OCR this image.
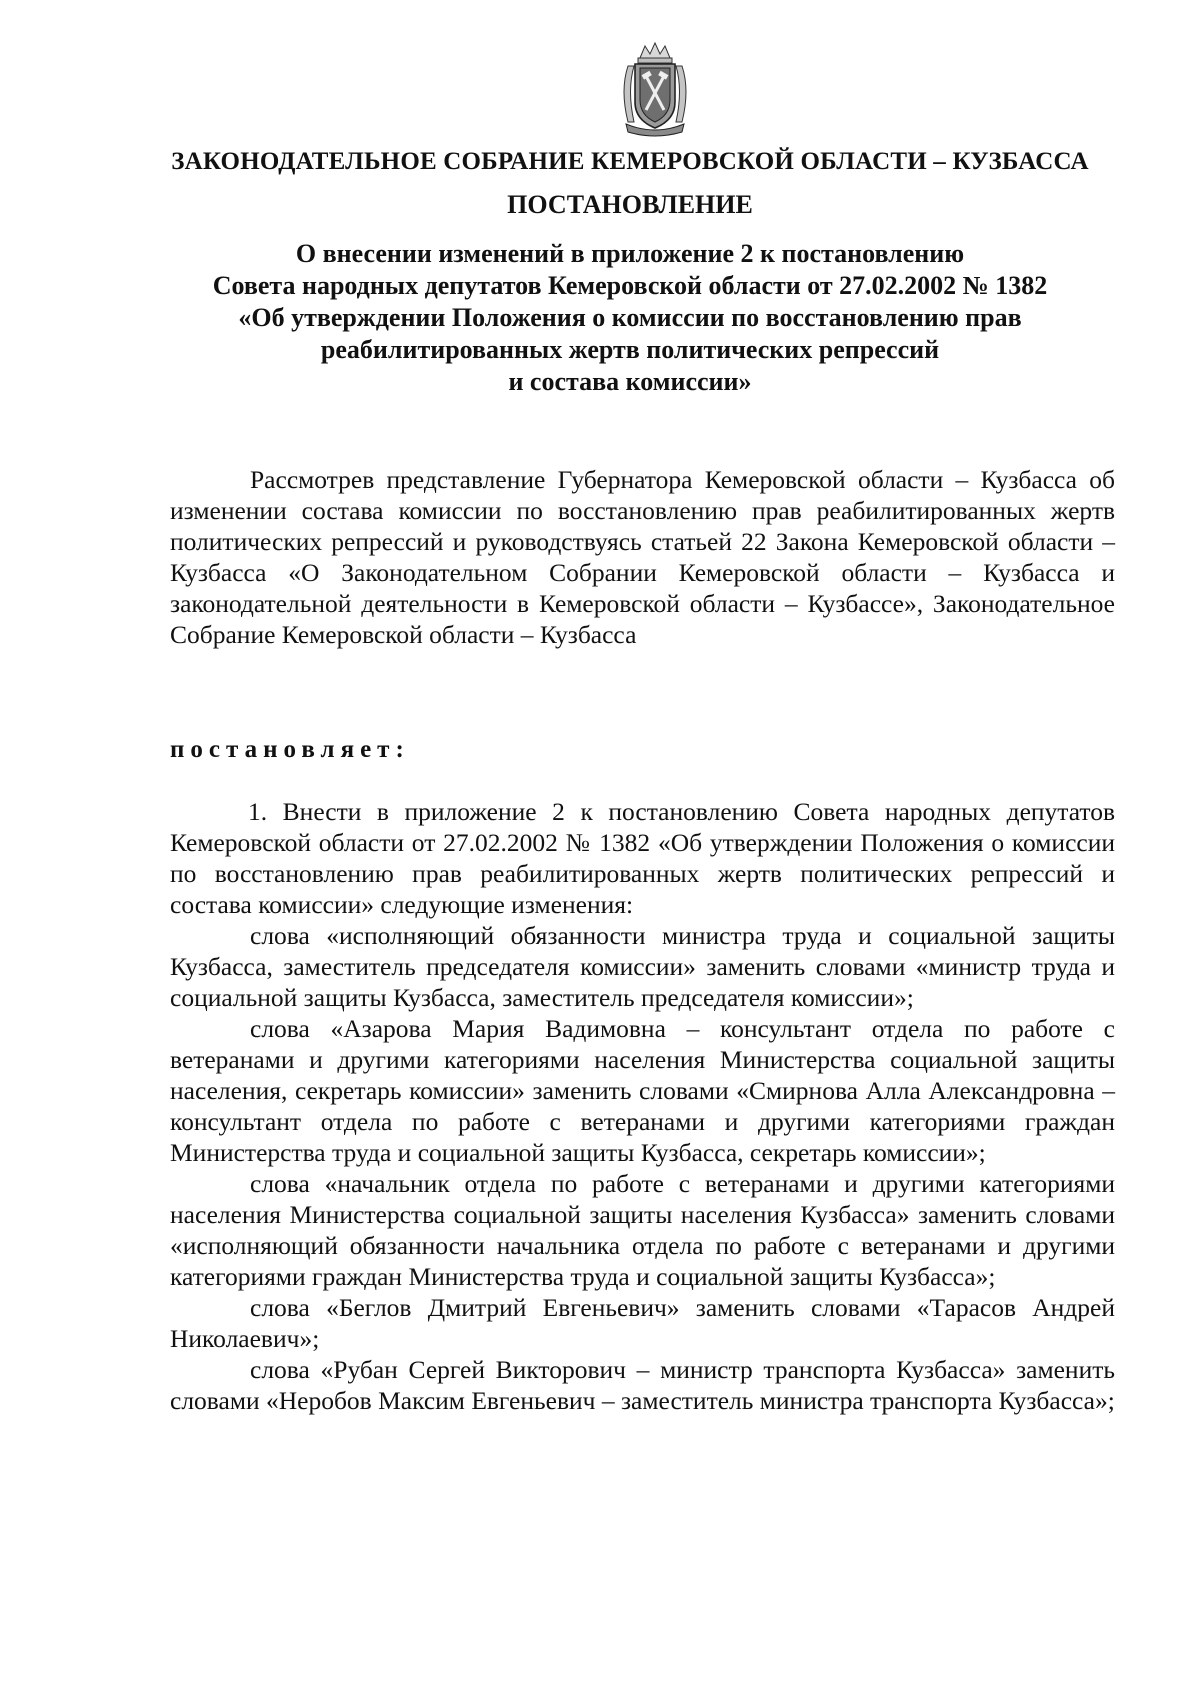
ЗАКОНОДАТЕЛЬНОЕ СОБРАНИЕ КЕМЕРОВСКОЙ ОБЛАСТИ – КУЗБАССА
ПОСТАНОВЛЕНИЕ
О внесении изменений в приложение 2 к постановлению
Совета народных депутатов Кемеровской области от 27.02.2002 № 1382
«Об утверждении Положения о комиссии по восстановлению прав
реабилитированных жертв политических репрессий
и состава комиссии»
Рассмотрев представление Губернатора Кемеровской области – Кузбасса об изменении состава комиссии по восстановлению прав реабилитированных жертв политических репрессий и руководствуясь статьей 22 Закона Кемеровской области – Кузбасса «О Законодательном Собрании Кемеровской области – Кузбасса и законодательной деятельности в Кемеровской области – Кузбассе», Законодательное Собрание Кемеровской области – Кузбасса
постановляет:

1. Внести в приложение 2 к постановлению Совета народных депутатов Кемеровской области от 27.02.2002 № 1382 «Об утверждении Положения о комиссии по восстановлению прав реабилитированных жертв политических репрессий и состава комиссии» следующие изменения:

слова «исполняющий обязанности министра труда и социальной защиты Кузбасса, заместитель председателя комиссии» заменить словами «министр труда и социальной защиты Кузбасса, заместитель председателя комиссии»;

слова «Азарова Мария Вадимовна – консультант отдела по работе с ветеранами и другими категориями населения Министерства социальной защиты населения, секретарь комиссии» заменить словами «Смирнова Алла Александровна – консультант отдела по работе с ветеранами и другими категориями граждан Министерства труда и социальной защиты Кузбасса, секретарь комиссии»;

слова «начальник отдела по работе с ветеранами и другими категориями населения Министерства социальной защиты населения Кузбасса» заменить словами «исполняющий обязанности начальника отдела по работе с ветеранами и другими категориями граждан Министерства труда и социальной защиты Кузбасса»;

слова «Беглов Дмитрий Евгеньевич» заменить словами «Тарасов Андрей Николаевич»;

слова «Рубан Сергей Викторович – министр транспорта Кузбасса» заменить словами «Неробов Максим Евгеньевич – заместитель министра транспорта Кузбасса»;
